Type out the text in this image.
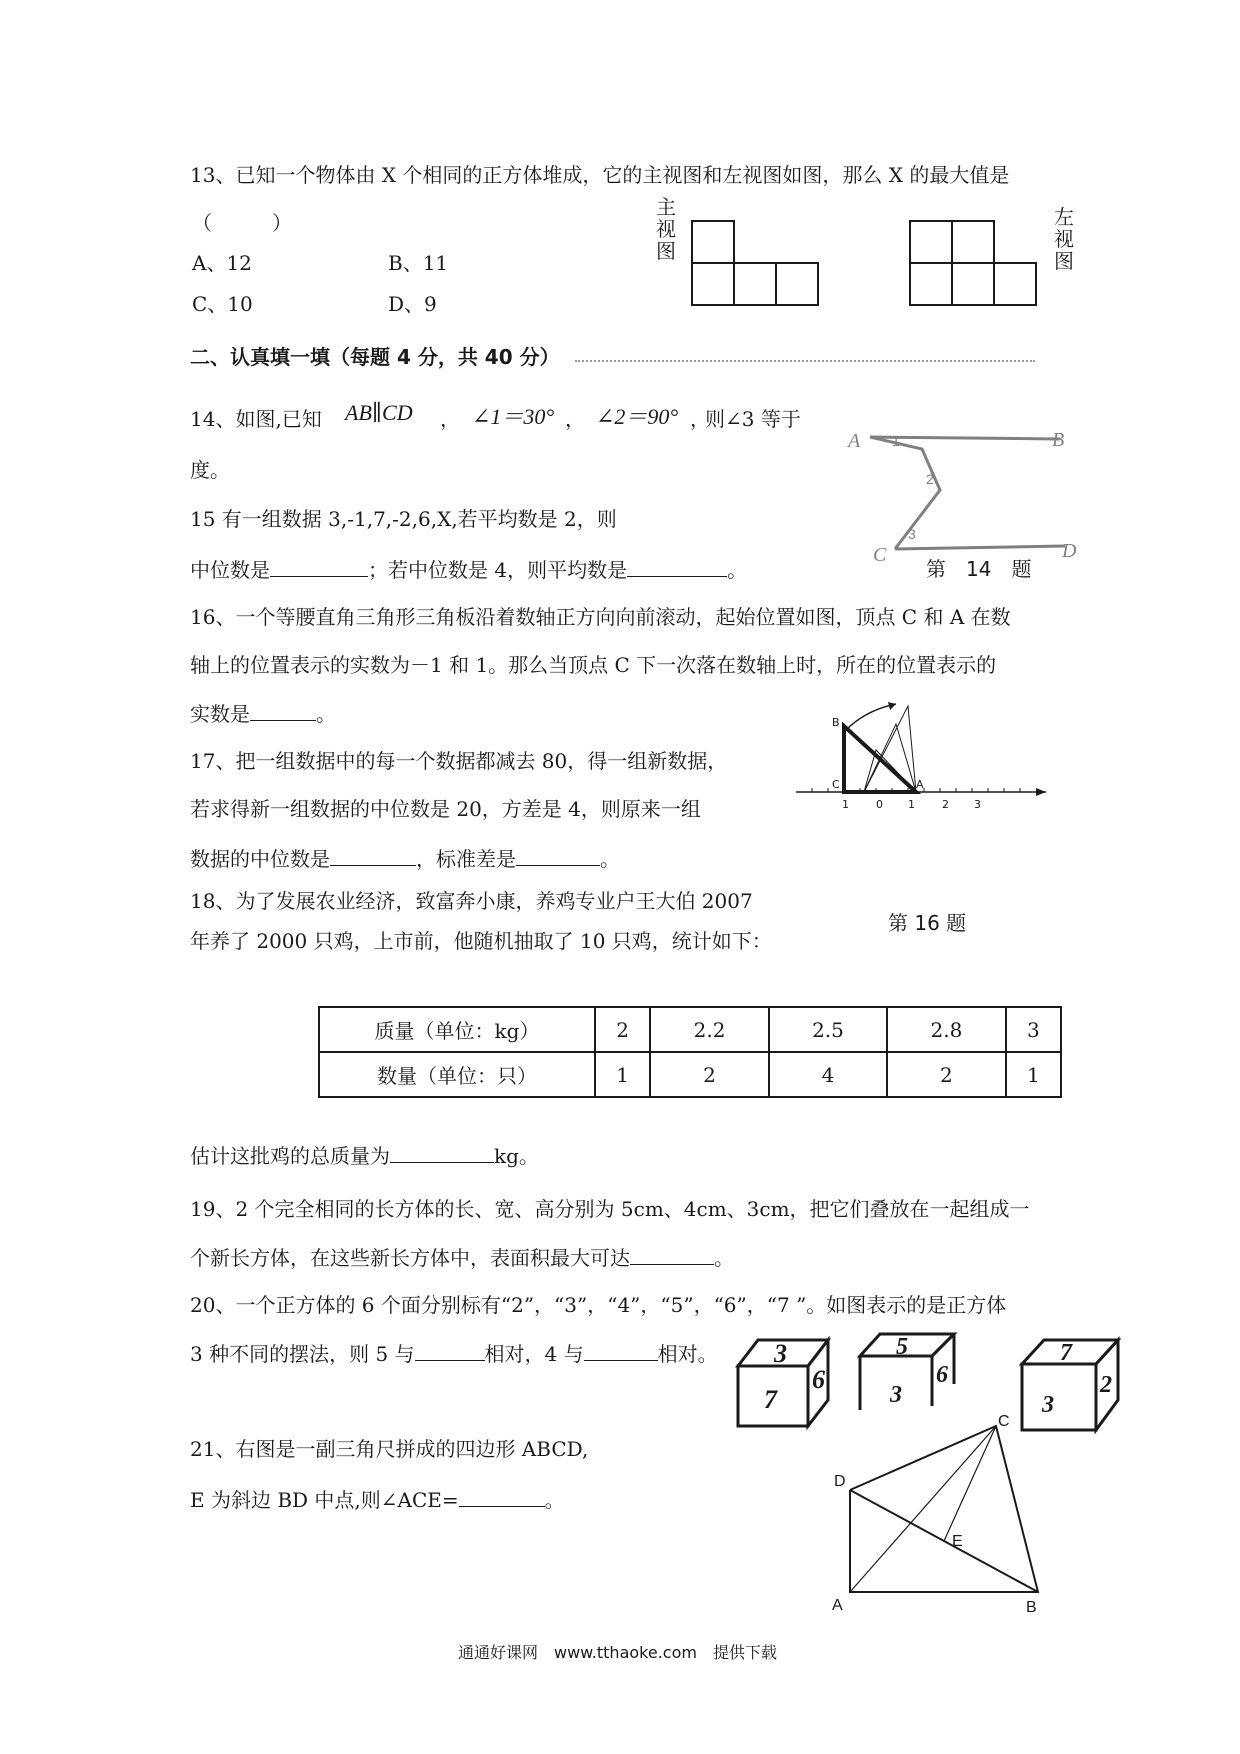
13、已知一个物体由 X 个相同的正方体堆成，它的主视图和左视图如图，那么 X 的最大值是
（　　　）
A、12	B、11
C、10	D、9
主视图
左视图
二、认真填一填（每题 4 分，共 40 分）
14、如图,已知 AB∥CD ， ∠1＝30° ， ∠2＝90° ，
则∠3 等于
度。
A	B
C	D
1
2
3
第　14　题
15 有一组数据 3,-1,7,-2,6,X,若平均数是 2，则
中位数是	；若中位数是 4，则平均数是	。
16、一个等腰直角三角形三角板沿着数轴正方向向前滚动，起始位置如图，顶点 C 和 A 在数
轴上的位置表示的实数为－1 和 1。那么当顶点 C 下一次落在数轴上时，所在的位置表示的
实数是	。	B
C	A
1 0 1 2 3
17、把一组数据中的每一个数据都减去 80，得一组新数据，
若求得新一组数据的中位数是 20，方差是 4，则原来一组
数据的中位数是	，标准差是	。
18、为了发展农业经济，致富奔小康，养鸡专业户王大伯 2007
年养了 2000 只鸡，上市前，他随机抽取了 10 只鸡，统计如下：
第 16 题
质量（单位：kg）	2	2.2	2.5	2.8	3
数量（单位：只）	1	2	4	2	1
估计这批鸡的总质量为	kg。
19、2 个完全相同的长方体的长、宽、高分别为 5cm、4cm、3cm，把它们叠放在一起组成一
个新长方体，在这些新长方体中，表面积最大可达	。
20、一个正方体的 6 个面分别标有“2”，“3”，“4”，“5”，“6”，“7 ”。如图表示的是正方体
3 种不同的摆法，则 5 与	相对，4 与	相对。 3
7
6
5
3
6
7
3
2
21、右图是一副三角尺拼成的四边形 ABCD,
E 为斜边 BD 中点,则∠ACE=	。
A	B
C
D
E
通通好课网　www.tthaoke.com　提供下载
